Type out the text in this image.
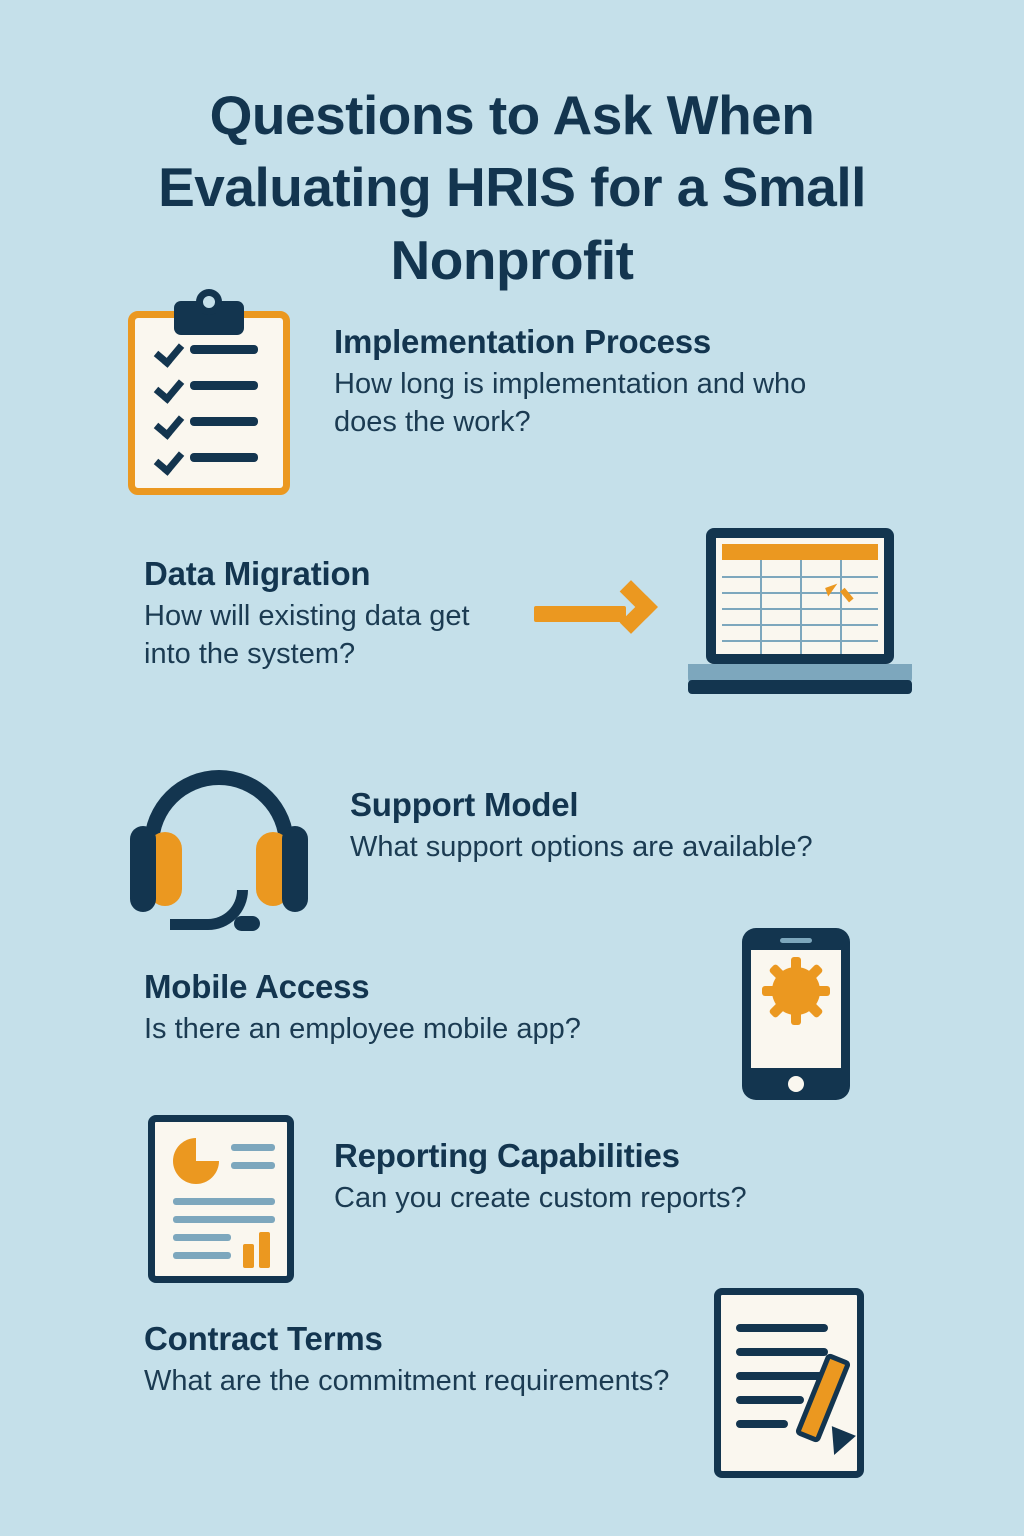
Questions to Ask When Evaluating HRIS for a Small Nonprofit

Implementation Process

How long is implementation and who does the work?

Data Migration

How will existing data get into the system?

Support Model

What support options are available?

Mobile Access

Is there an employee mobile app?

Reporting Capabilities

Can you create custom reports?

Contract Terms

What are the commitment requirements?
